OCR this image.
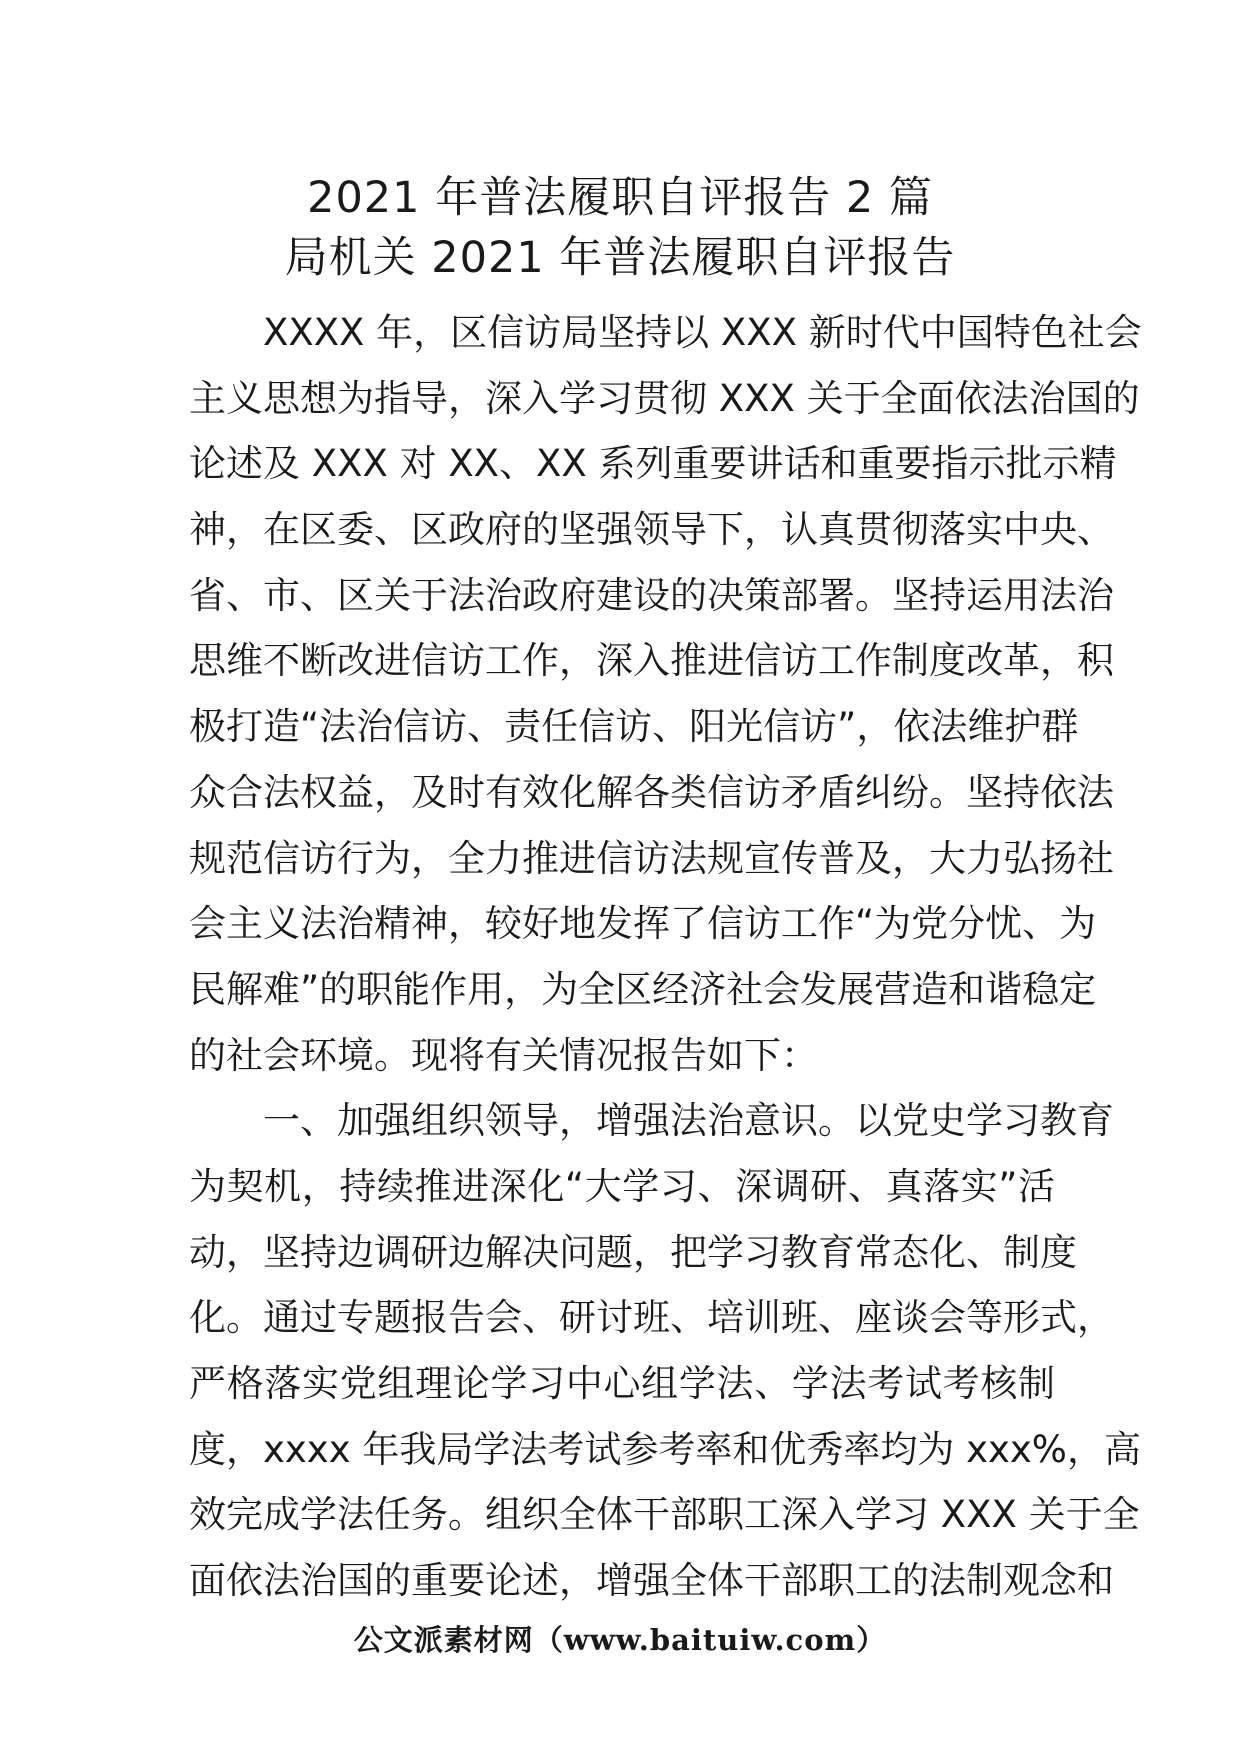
2021 年普法履职自评报告 2 篇
局机关 2021 年普法履职自评报告
XXXX 年，区信访局坚持以 XXX 新时代中国特色社会
主义思想为指导，深入学习贯彻 XXX 关于全面依法治国的
论述及 XXX 对 XX、XX 系列重要讲话和重要指示批示精
神，在区委、区政府的坚强领导下，认真贯彻落实中央、
省、市、区关于法治政府建设的决策部署。坚持运用法治
思维不断改进信访工作，深入推进信访工作制度改革，积
极打造“法治信访、责任信访、阳光信访”，依法维护群
众合法权益，及时有效化解各类信访矛盾纠纷。坚持依法
规范信访行为，全力推进信访法规宣传普及，大力弘扬社
会主义法治精神，较好地发挥了信访工作“为党分忧、为
民解难”的职能作用，为全区经济社会发展营造和谐稳定
的社会环境。现将有关情况报告如下：
一、加强组织领导，增强法治意识。以党史学习教育
为契机，持续推进深化“大学习、深调研、真落实”活
动，坚持边调研边解决问题，把学习教育常态化、制度
化。通过专题报告会、研讨班、培训班、座谈会等形式，
严格落实党组理论学习中心组学法、学法考试考核制
度，xxxx 年我局学法考试参考率和优秀率均为 xxx%，高
效完成学法任务。组织全体干部职工深入学习 XXX 关于全
面依法治国的重要论述，增强全体干部职工的法制观念和
公文派素材网（www.baituiw.com）
